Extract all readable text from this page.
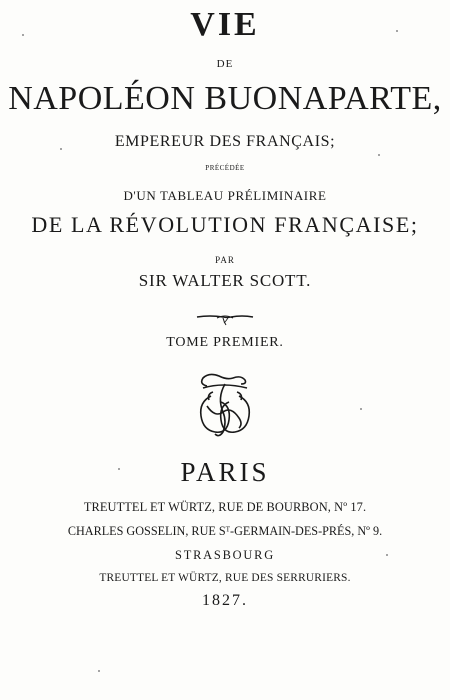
VIE
DE
NAPOLÉON BUONAPARTE,
EMPEREUR DES FRANÇAIS;
PRÉCÉDÉE
D'UN TABLEAU PRÉLIMINAIRE
DE LA RÉVOLUTION FRANÇAISE;
PAR
SIR WALTER SCOTT.
TOME PREMIER.
PARIS
TREUTTEL ET WÜRTZ, RUE DE BOURBON, Nº 17.
CHARLES GOSSELIN, RUE Sᵀ-GERMAIN-DES-PRÉS, Nº 9.
STRASBOURG
TREUTTEL ET WÜRTZ, RUE DES SERRURIERS.
1827.
